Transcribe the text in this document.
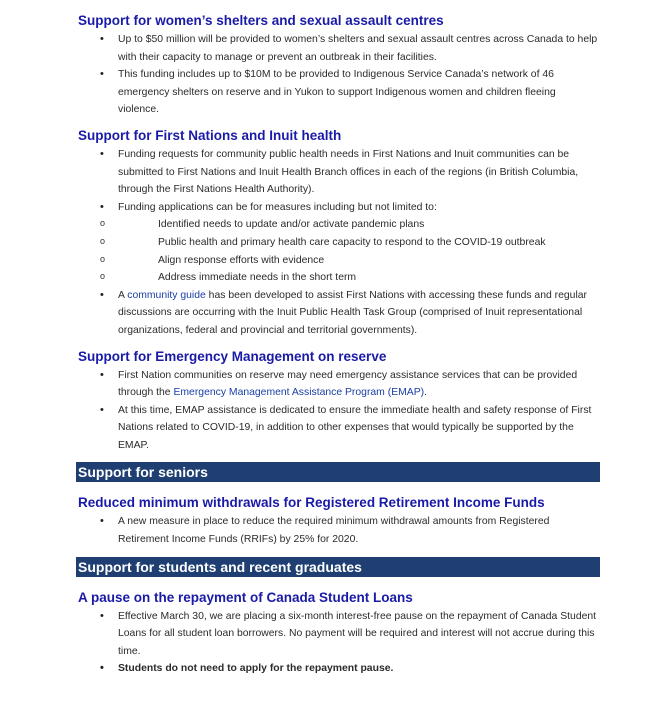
Support for women’s shelters and sexual assault centres
• Up to $50 million will be provided to women’s shelters and sexual assault centres across Canada to help with their capacity to manage or prevent an outbreak in their facilities.
• This funding includes up to $10M to be provided to Indigenous Service Canada’s network of 46 emergency shelters on reserve and in Yukon to support Indigenous women and children fleeing violence.
Support for First Nations and Inuit health
• Funding requests for community public health needs in First Nations and Inuit communities can be submitted to First Nations and Inuit Health Branch offices in each of the regions (in British Columbia, through the First Nations Health Authority).
• Funding applications can be for measures including but not limited to:
o Identified needs to update and/or activate pandemic plans
o Public health and primary health care capacity to respond to the COVID-19 outbreak
o Align response efforts with evidence
o Address immediate needs in the short term
• A community guide has been developed to assist First Nations with accessing these funds and regular discussions are occurring with the Inuit Public Health Task Group (comprised of Inuit representational organizations, federal and provincial and territorial governments).
Support for Emergency Management on reserve
• First Nation communities on reserve may need emergency assistance services that can be provided through the Emergency Management Assistance Program (EMAP).
• At this time, EMAP assistance is dedicated to ensure the immediate health and safety response of First Nations related to COVID-19, in addition to other expenses that would typically be supported by the EMAP.
Support for seniors
Reduced minimum withdrawals for Registered Retirement Income Funds
• A new measure in place to reduce the required minimum withdrawal amounts from Registered Retirement Income Funds (RRIFs) by 25% for 2020.
Support for students and recent graduates
A pause on the repayment of Canada Student Loans
• Effective March 30, we are placing a six-month interest-free pause on the repayment of Canada Student Loans for all student loan borrowers. No payment will be required and interest will not accrue during this time.
• Students do not need to apply for the repayment pause.
